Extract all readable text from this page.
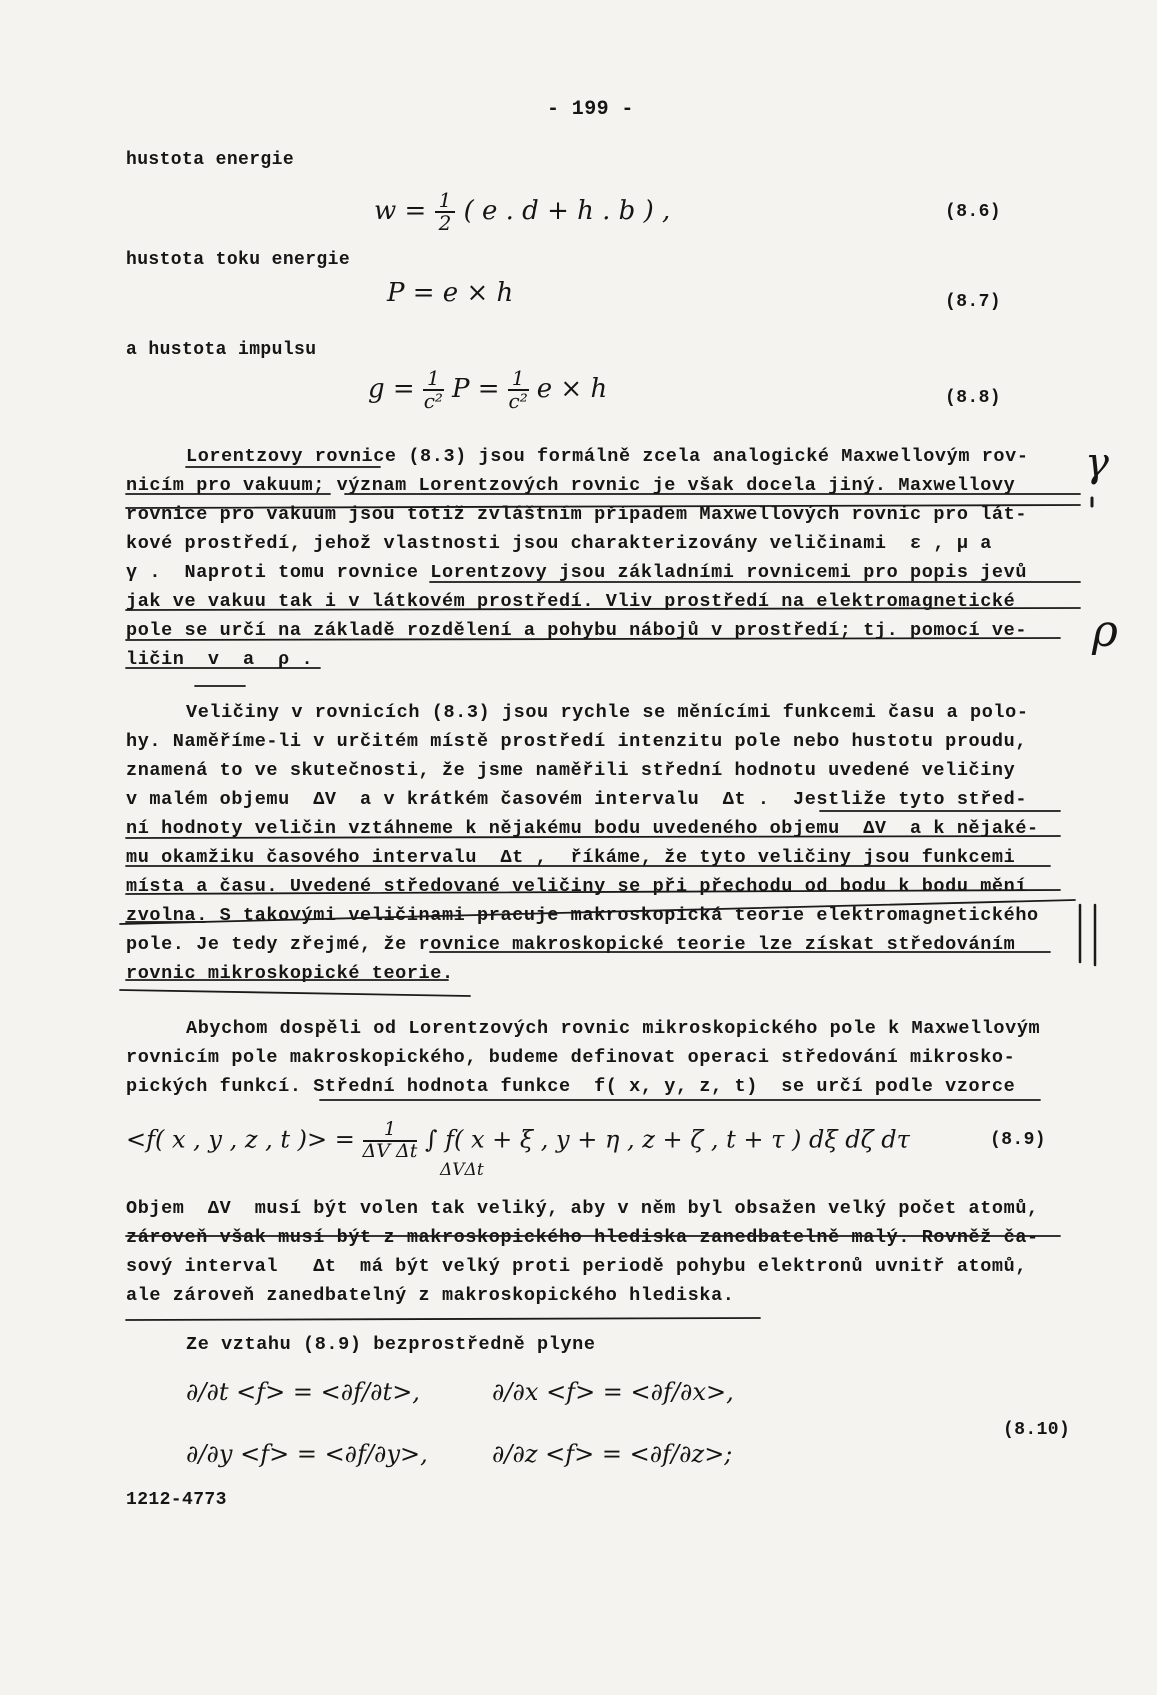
- 199 -
hustota energie
$w = \frac{1}{2}$ ( e . d + h . b ) ,	(8.6)
hustota toku energie
P = e × h	(8.7)
a hustota impulsu
$g = \frac{1}{\text{c²}}$ $P = \frac{1}{\text{c²}}$ e × h	(8.8)
Lorentzovy rovnice (8.3) jsou formálně zcela analogické Maxwellovým rov-
nicím pro vakuum; význam Lorentzových rovnic je však docela jiný. Maxwellovy
rovnice pro vakuum jsou totiž zvláštním případem Maxwellových rovnic pro lát-
kové prostředí, jehož vlastnosti jsou charakterizovány veličinami  ε , μ a
γ .  Naproti tomu rovnice Lorentzovy jsou základními rovnicemi pro popis jevů
jak ve vakuu tak i v látkovém prostředí. Vliv prostředí na elektromagnetické
pole se určí na základě rozdělení a pohybu nábojů v prostředí; tj. pomocí ve-
ličin  v  a  ρ .
Veličiny v rovnicích (8.3) jsou rychle se měnícími funkcemi času a polo-
hy. Naměříme-li v určitém místě prostředí intenzitu pole nebo hustotu proudu,
znamená to ve skutečnosti, že jsme naměřili střední hodnotu uvedené veličiny
v malém objemu  ΔV  a v krátkém časovém intervalu  Δt .  Jestliže tyto střed-
ní hodnoty veličin vztáhneme k nějakému bodu uvedeného objemu  ΔV  a k nějaké-
mu okamžiku časového intervalu  Δt ,  říkáme, že tyto veličiny jsou funkcemi
místa a času. Uvedené středované veličiny se při přechodu od bodu k bodu mění
zvolna. S takovými veličinami pracuje makroskopická teorie elektromagnetického
pole. Je tedy zřejmé, že rovnice makroskopické teorie lze získat středováním
rovnic mikroskopické teorie.
Abychom dospěli od Lorentzových rovnic mikroskopického pole k Maxwellovým
rovnicím pole makroskopického, budeme definovat operaci středování mikrosko-
pických funkcí. Střední hodnota funkce  f( x, y, z, t)  se určí podle vzorce
<f( x , y , z , t )> = $\frac{1}{\text{ΔV Δt}}$ ∫ f( x + ξ , y + η , z + ζ , t + τ ) dξ dζ dτ
ΔVΔt
(8.9)
Objem  ΔV  musí být volen tak veliký, aby v něm byl obsažen velký počet atomů,
zároveň však musí být z makroskopického hlediska zanedbatelně malý. Rovněž ča-
sový interval   Δt  má být velký proti periodě pohybu elektronů uvnitř atomů,
ale zároveň zanedbatelný z makroskopického hlediska.
Ze vztahu (8.9) bezprostředně plyne
∂/∂t <f> = <∂f/∂t>,	∂/∂x <f> = <∂f/∂x>,
∂/∂y <f> = <∂f/∂y>,	∂/∂z <f> = <∂f/∂z>;
(8.10)
1212-4773
γ
ρ
